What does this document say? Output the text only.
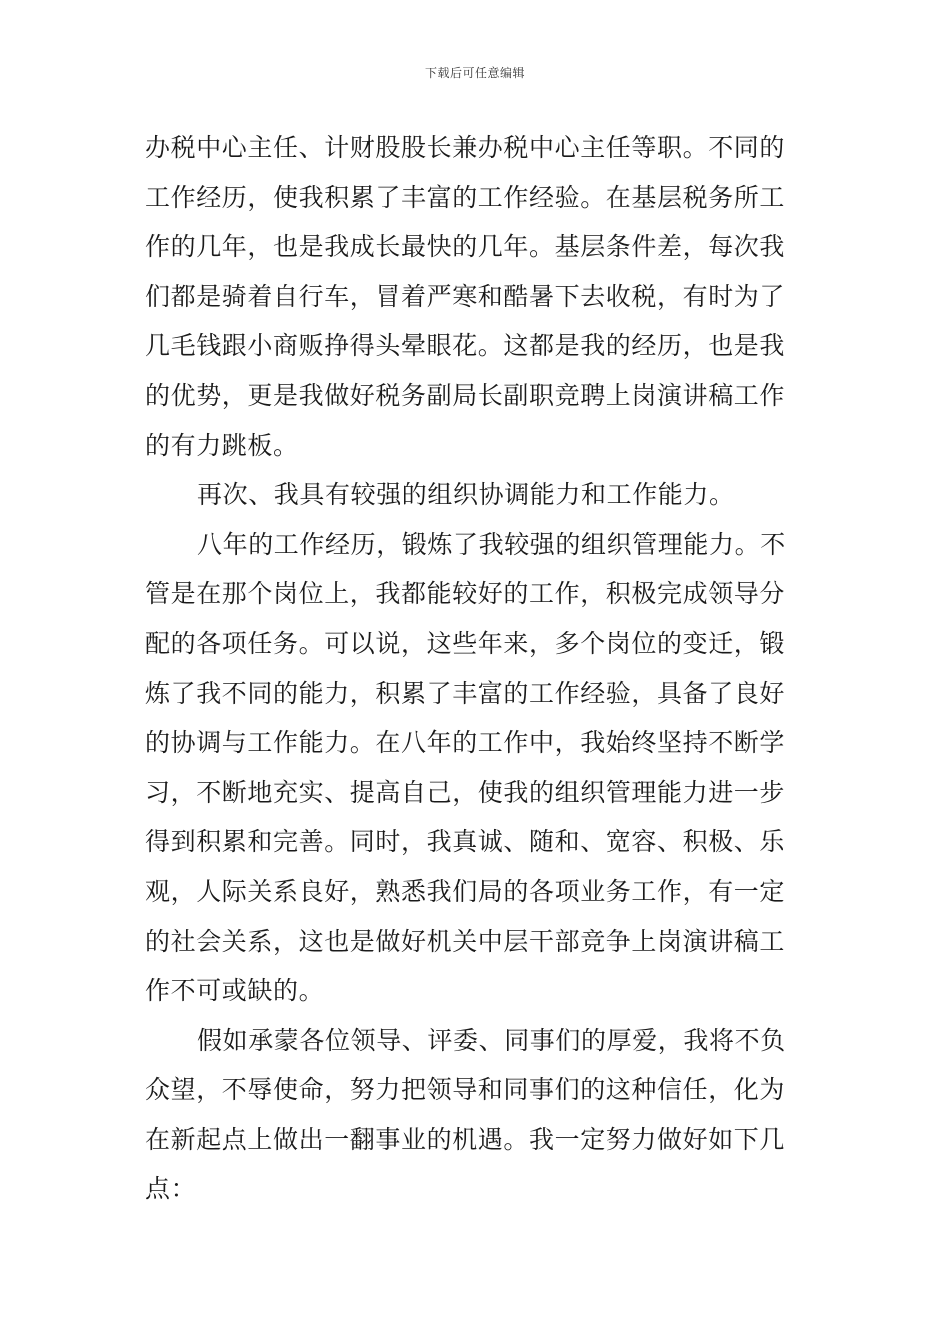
下载后可任意编辑
办税中心主任、计财股股长兼办税中心主任等职。不同的
工作经历，使我积累了丰富的工作经验。在基层税务所工
作的几年，也是我成长最快的几年。基层条件差，每次我
们都是骑着自行车，冒着严寒和酷暑下去收税，有时为了
几毛钱跟小商贩挣得头晕眼花。这都是我的经历，也是我
的优势，更是我做好税务副局长副职竞聘上岗演讲稿工作
的有力跳板。
再次、我具有较强的组织协调能力和工作能力。
八年的工作经历，锻炼了我较强的组织管理能力。不
管是在那个岗位上，我都能较好的工作，积极完成领导分
配的各项任务。可以说，这些年来，多个岗位的变迁，锻
炼了我不同的能力，积累了丰富的工作经验，具备了良好
的协调与工作能力。在八年的工作中，我始终坚持不断学
习，不断地充实、提高自己，使我的组织管理能力进一步
得到积累和完善。同时，我真诚、随和、宽容、积极、乐
观，人际关系良好，熟悉我们局的各项业务工作，有一定
的社会关系，这也是做好机关中层干部竞争上岗演讲稿工
作不可或缺的。
假如承蒙各位领导、评委、同事们的厚爱，我将不负
众望，不辱使命，努力把领导和同事们的这种信任，化为
在新起点上做出一翻事业的机遇。我一定努力做好如下几
点：
